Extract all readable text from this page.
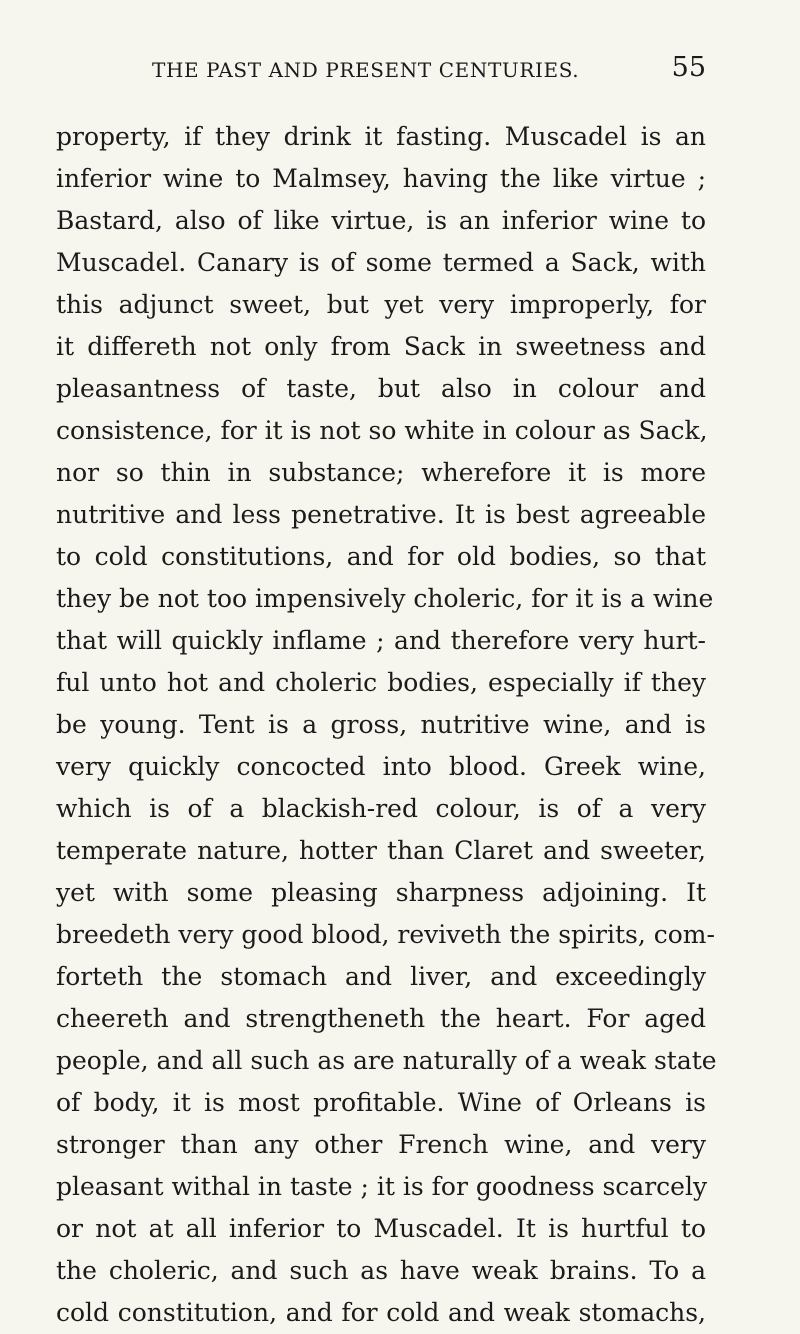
THE PAST AND PRESENT CENTURIES.	55
property, if they drink it fasting. Muscadel is an
inferior wine to Malmsey, having the like virtue ;
Bastard, also of like virtue, is an inferior wine to
Muscadel. Canary is of some termed a Sack, with
this adjunct sweet, but yet very improperly, for
it differeth not only from Sack in sweetness and
pleasantness of taste, but also in colour and
consistence, for it is not so white in colour as Sack,
nor so thin in substance; wherefore it is more
nutritive and less penetrative. It is best agreeable
to cold constitutions, and for old bodies, so that
they be not too impensively choleric, for it is a wine
that will quickly inflame ; and therefore very hurt-
ful unto hot and choleric bodies, especially if they
be young. Tent is a gross, nutritive wine, and is
very quickly concocted into blood. Greek wine,
which is of a blackish-red colour, is of a very
temperate nature, hotter than Claret and sweeter,
yet with some pleasing sharpness adjoining. It
breedeth very good blood, reviveth the spirits, com-
forteth the stomach and liver, and exceedingly
cheereth and strengtheneth the heart. For aged
people, and all such as are naturally of a weak state
of body, it is most profitable. Wine of Orleans is
stronger than any other French wine, and very
pleasant withal in taste ; it is for goodness scarcely
or not at all inferior to Muscadel. It is hurtful to
the choleric, and such as have weak brains. To a
cold constitution, and for cold and weak stomachs,
